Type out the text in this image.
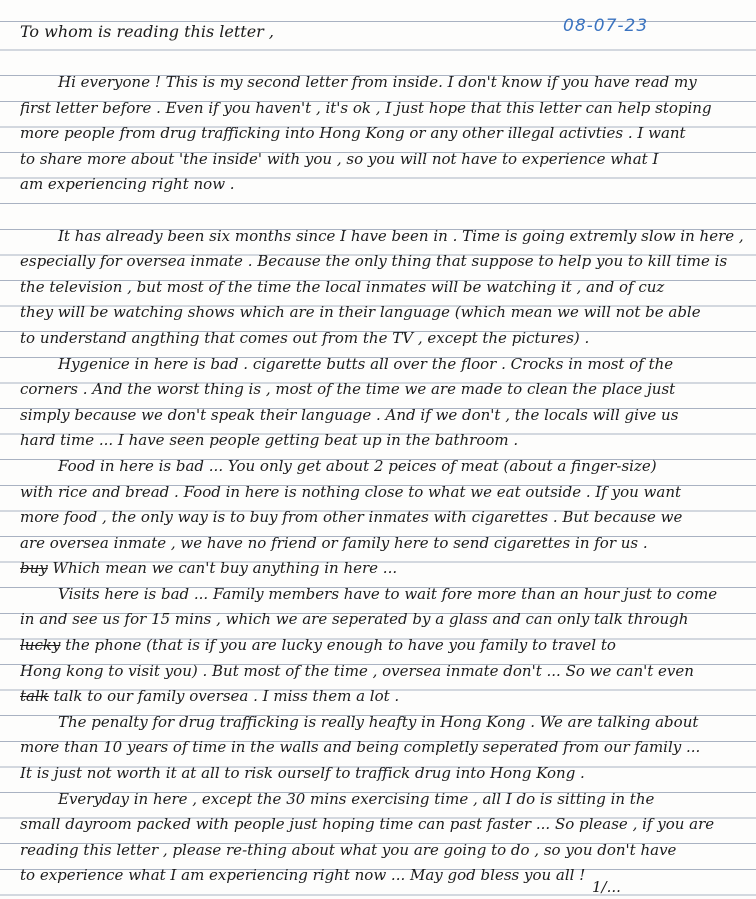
08-07-23
To whom is reading this letter ,
Hi everyone ! This is my second letter from inside. I don't know if you have read my
first letter before . Even if you haven't , it's ok , I just hope that this letter can help stoping
more people from drug trafficking into Hong Kong or any other illegal activties . I want
to share more about 'the inside' with you , so you will not have to experience what I
am experiencing right now .
It has already been six months since I have been in . Time is going extremly slow in here ,
especially for oversea inmate . Because the only thing that suppose to help you to kill time is
the television , but most of the time the local inmates will be watching it , and of cuz
they will be watching shows which are in their language (which mean we will not be able
to understand angthing that comes out from the TV , except the pictures) .
Hygenice in here is bad . cigarette butts all over the floor . Crocks in most of the
corners . And the worst thing is , most of the time we are made to clean the place just
simply because we don't speak their language . And if we don't , the locals will give us
hard time ... I have seen people getting beat up in the bathroom .
Food in here is bad ... You only get about 2 peices of meat (about a finger-size)
with rice and bread . Food in here is nothing close to what we eat outside . If you want
more food , the only way is to buy from other inmates with cigarettes . But because we
are oversea inmate , we have no friend or family here to send cigarettes in for us .
buy Which mean we can't buy anything in here ...
Visits here is bad ... Family members have to wait fore more than an hour just to come
in and see us for 15 mins , which we are seperated by a glass and can only talk through
lucky the phone (that is if you are lucky enough to have you family to travel to
Hong kong to visit you) . But most of the time , oversea inmate don't ... So we can't even
talk talk to our family oversea . I miss them a lot .
The penalty for drug trafficking is really heafty in Hong Kong . We are talking about
more than 10 years of time in the walls and being completly seperated from our family ...
It is just not worth it at all to risk ourself to traffick drug into Hong Kong .
Everyday in here , except the 30 mins exercising time , all I do is sitting in the
small dayroom packed with people just hoping time can past faster ... So please , if you are
reading this letter , please re-thing about what you are going to do , so you don't have
to experience what I am experiencing right now ... May god bless you all !
1/...
